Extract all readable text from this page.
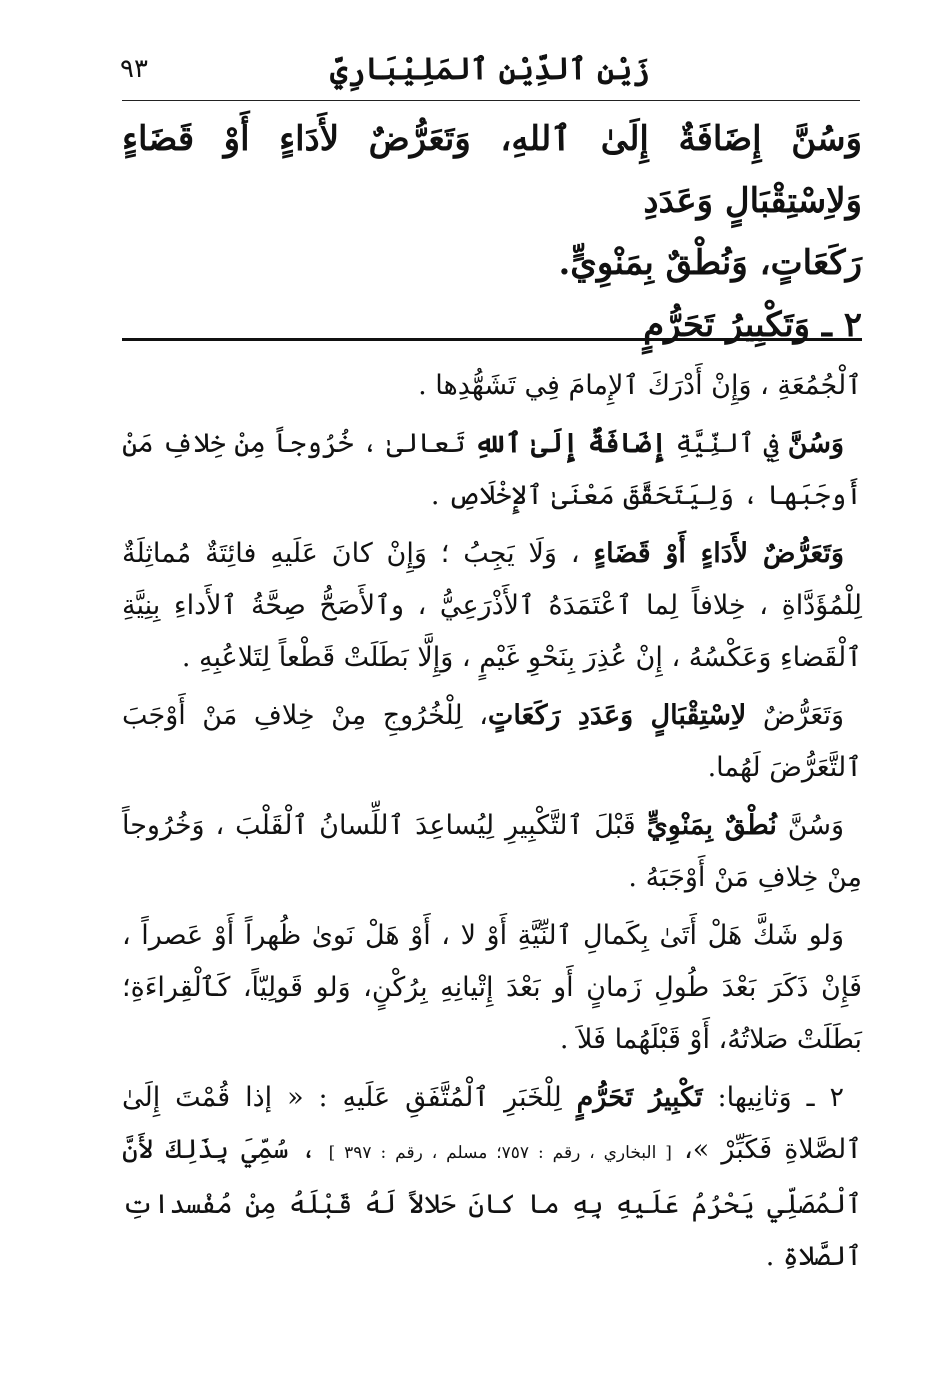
زَيْن ٱلدِّيْنِ ٱلمَلِيْبَارِيّ
٩٣

وَسُنَّ إِضَافَةٌ إِلَىٰ ٱللهِ، وَتَعَرُّضٌ لأَدَاءٍ أَوْ قَضَاءٍ وَلاِسْتِقْبَالٍ وَعَدَدِ

رَكَعَاتٍ، وَنُطْقٌ بِمَنْوِيٍّ.

٢ ـ وَتَكْبِيرُ تَحَرُّمٍ

ٱلْجُمُعَةِ ، وَإِنْ أَدْرَكَ ٱلإِمامَ فِي تَشَهُّدِها .

وَسُنَّ فِي ٱلنِّيَّةِ إِضَافَةٌ إِلَىٰ ٱللهِ تَعالىٰ ، خُرُوجاً مِنْ خِلافِ مَنْ أَوجَبَها ، وَلِيَتَحَقَّقَ مَعْنَىٰ ٱلإِخْلَاصِ .

وَتَعَرُّضٌ لأَدَاءٍ أَوْ قَضَاءٍ ، وَلَا يَجِبُ ؛ وَإِنْ كانَ عَلَيهِ فائِتَةٌ مُماثِلَةٌ لِلْمُؤَدَّاةِ ، خِلافاً لِما ٱعْتَمَدَهُ ٱلأَذْرَعِيُّ ، وٱلأَصَحُّ صِحَّةُ ٱلأَداءِ بِنِيَّةِ ٱلْقَضاءِ وَعَكْسُهُ ، إِنْ عُذِرَ بِنَحْوِ غَيْمٍ ، وَإِلَّا بَطَلَتْ قَطْعاً لِتَلاعُبِهِ .

وَتَعَرُّضٌ لاِسْتِقْبَالٍ وَعَدَدِ رَكَعَاتٍ، لِلْخُرُوجِ مِنْ خِلافِ مَنْ أَوْجَبَ ٱلتَّعَرُّضَ لَهُما.

وَسُنَّ نُطْقٌ بِمَنْوِيٍّ قَبْلَ ٱلتَّكْبِيرِ لِيُساعِدَ ٱللِّسانُ ٱلْقَلْبَ ، وَخُرُوجاً مِنْ خِلافِ مَنْ أَوْجَبَهُ .

وَلو شَكَّ هَلْ أَتَىٰ بِكَمالِ ٱلنِّيَّةِ أَوْ لا ، أَوْ هَلْ نَوىٰ ظُهراً أَوْ عَصراً ، فَإِنْ ذَكَرَ بَعْدَ طُولِ زَمانٍ أَو بَعْدَ إِتْيانِهِ بِرُكْنٍ، وَلو قَولِيّاً، كَٱلْقِراءَةِ؛ بَطَلَتْ صَلاتُهُ، أَوْ قَبْلَهُما فَلاَ .

٢ ـ وَثانِيها: تَكْبِيرُ تَحَرُّمٍ لِلْخَبَرِ ٱلْمُتَّفَقِ عَلَيهِ : « إذا قُمْتَ إِلَىٰ ٱلصَّلاةِ فَكَبِّرْ »، [ البخاري ، رقم : ٧٥٧؛ مسلم ، رقم : ٣٩٧ ] ، سُمِّيَ بِذَلِكَ لأَنَّ ٱلْمُصَلِّي يَحْرُمُ عَلَيهِ بِهِ ما كانَ حَلالاً لَهُ قَبْلَهُ مِنْ مُفْسداتِ ٱلصَّلاةِ .
